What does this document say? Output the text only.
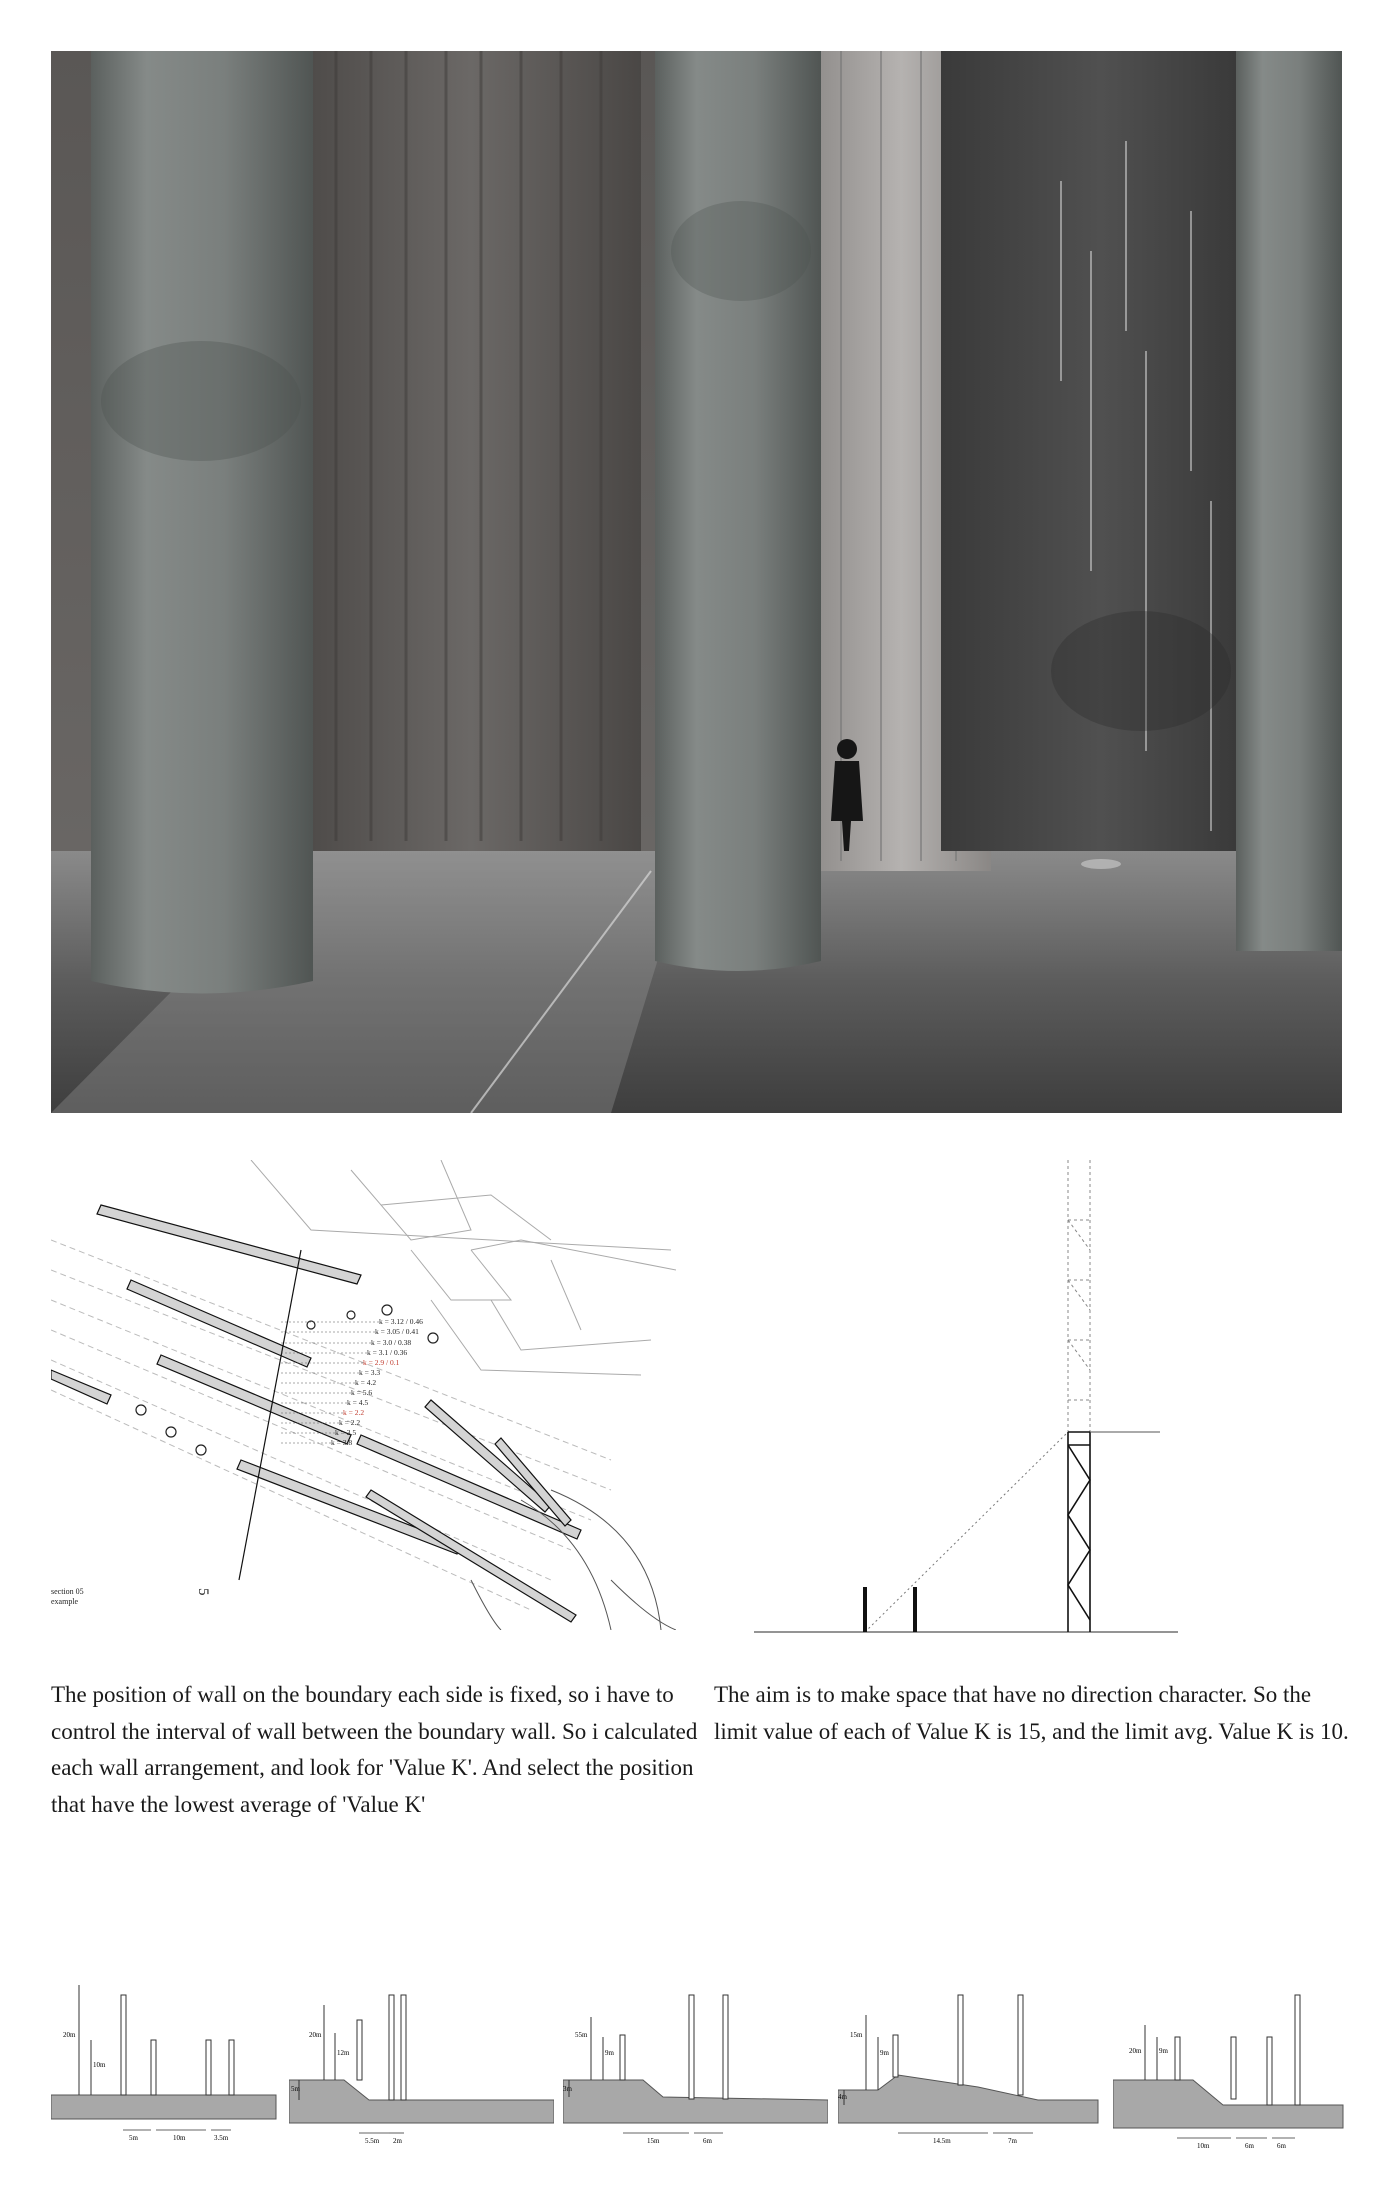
k = 3.12 / 0.46
k = 3.05 / 0.41
k = 3.0 / 0.38
k = 3.1 / 0.36
k = 2.9 / 0.1
k = 3.3
k = 4.2
k = 5.6
k = 4.5
k = 2.2
k = 2.2
k = 3.5
k = 3.8
section 05
example
5
The position of wall on the boundary each side is fixed, so i have to control the interval of wall between the boundary wall. So i calculated each wall arrangement, and look for 'Value K'. And select the position that have the lowest average of 'Value K'
The aim is to make space that have no direction character. So the limit value of each of Value K is 15, and the limit avg. Value K is 10.
20m
10m
5m	10m	3.5m
20m
12m
5m
5.5m 2m
55m
9m
3m
15m	6m
15m
9m
4m
14.5m	7m
20m	9m
10m	6m	6m
